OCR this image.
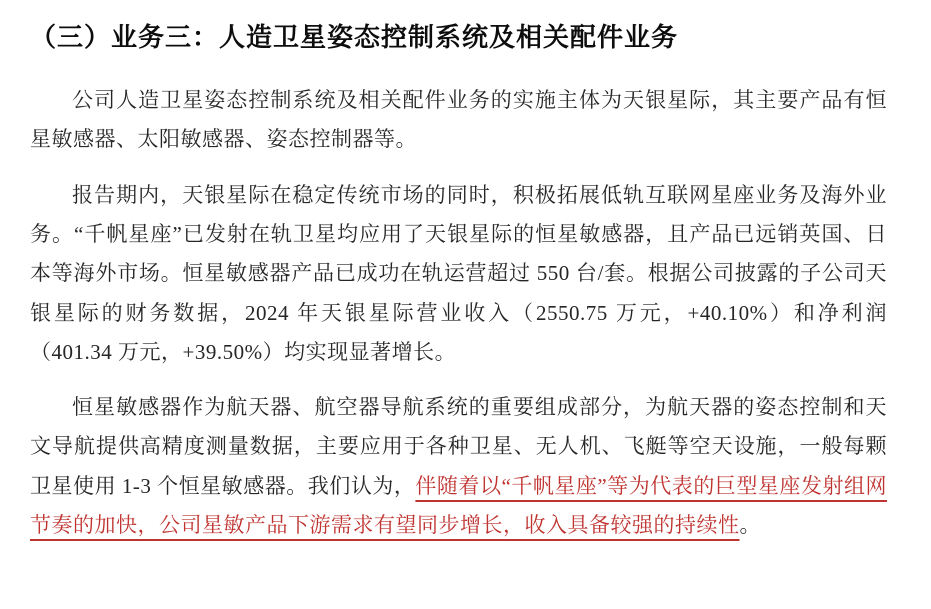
（三）业务三：人造卫星姿态控制系统及相关配件业务

公司人造卫星姿态控制系统及相关配件业务的实施主体为天银星际，其主要产品有恒星敏感器、太阳敏感器、姿态控制器等。

报告期内，天银星际在稳定传统市场的同时，积极拓展低轨互联网星座业务及海外业务。“千帆星座”已发射在轨卫星均应用了天银星际的恒星敏感器，且产品已远销英国、日本等海外市场。恒星敏感器产品已成功在轨运营超过 550 台/套。根据公司披露的子公司天银星际的财务数据，2024 年天银星际营业收入（2550.75 万元，+40.10%）和净利润（401.34 万元，+39.50%）均实现显著增长。

恒星敏感器作为航天器、航空器导航系统的重要组成部分，为航天器的姿态控制和天文导航提供高精度测量数据，主要应用于各种卫星、无人机、飞艇等空天设施，一般每颗卫星使用 1-3 个恒星敏感器。我们认为，伴随着以“千帆星座”等为代表的巨型星座发射组网节奏的加快，公司星敏产品下游需求有望同步增长，收入具备较强的持续性。
